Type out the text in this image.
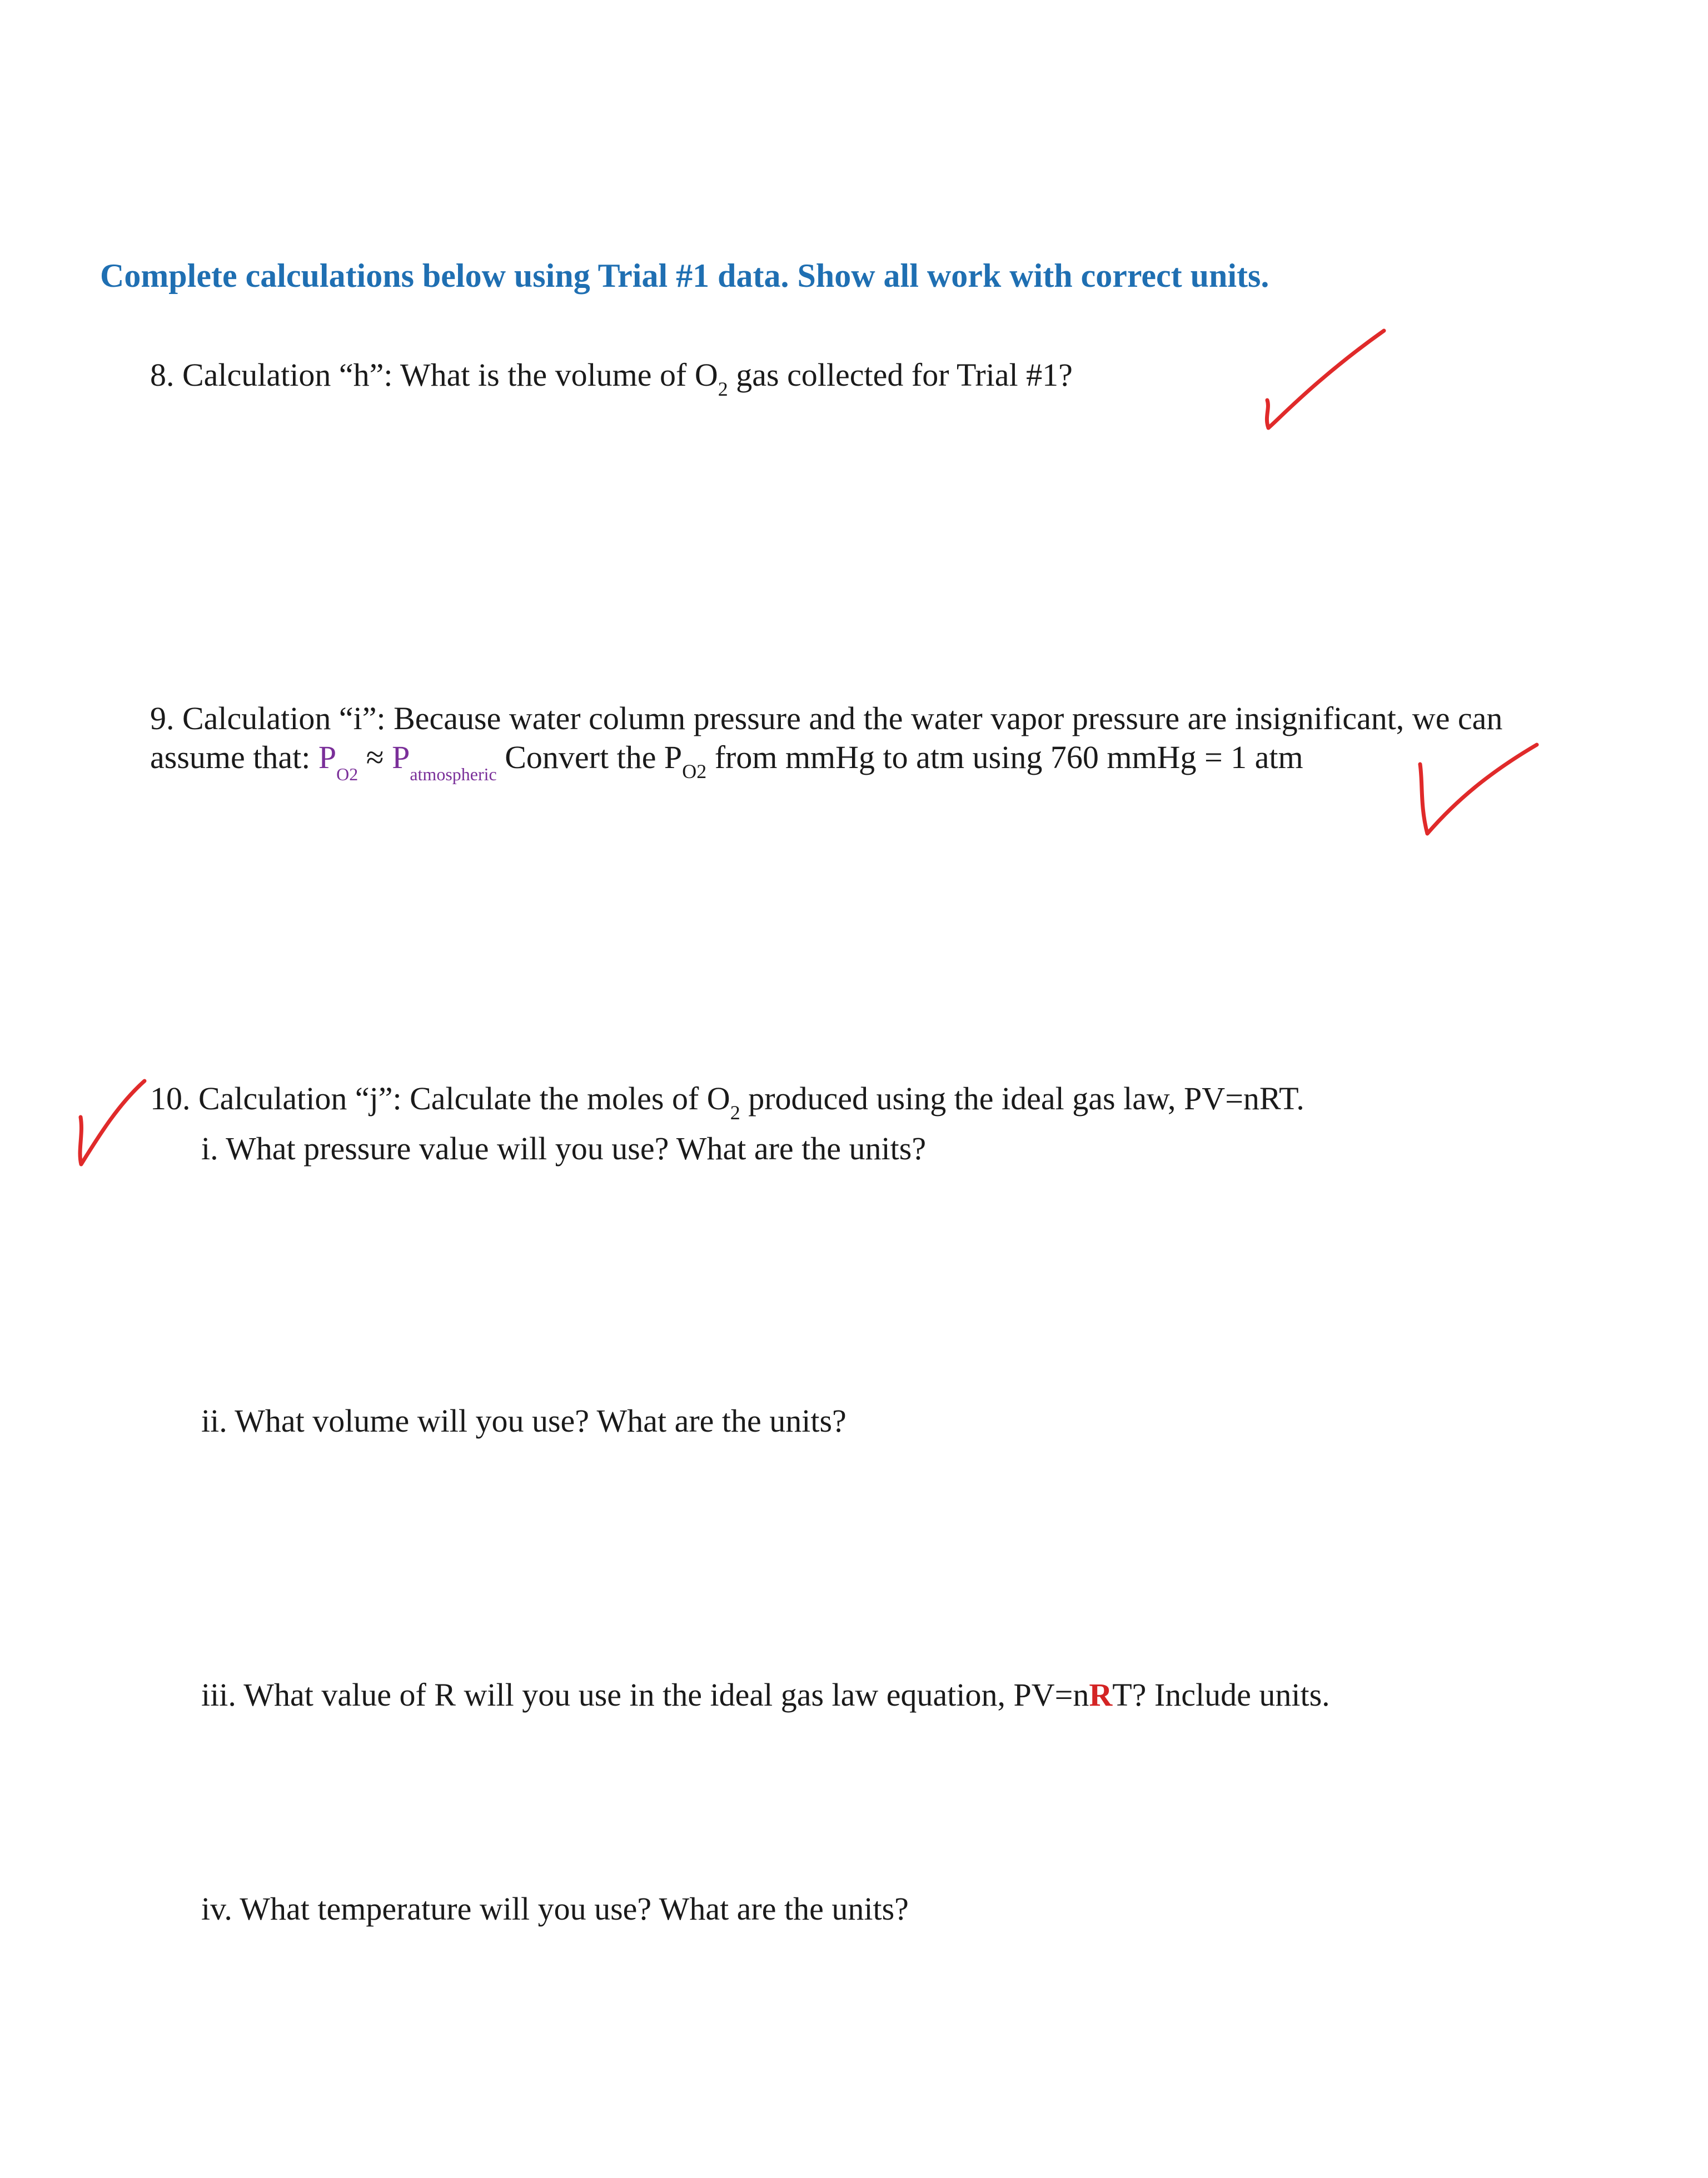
Complete calculations below using Trial #1 data. Show all work with correct units.
8. Calculation “h”: What is the volume of $O_2$ gas collected for Trial #1?
9. Calculation “i”: Because water column pressure and the water vapor pressure are insignificant, we can
assume that: $P_{O2} \approx P_{atmospheric}$ Convert the $P_{O2}$ from mmHg to atm using 760 mmHg = 1 atm
10. Calculation “j”: Calculate the moles of $O_2$ produced using the ideal gas law, PV=nRT.
i. What pressure value will you use? What are the units?
ii. What volume will you use? What are the units?
iii. What value of R will you use in the ideal gas law equation, PV=nRT? Include units.
iv. What temperature will you use? What are the units?
